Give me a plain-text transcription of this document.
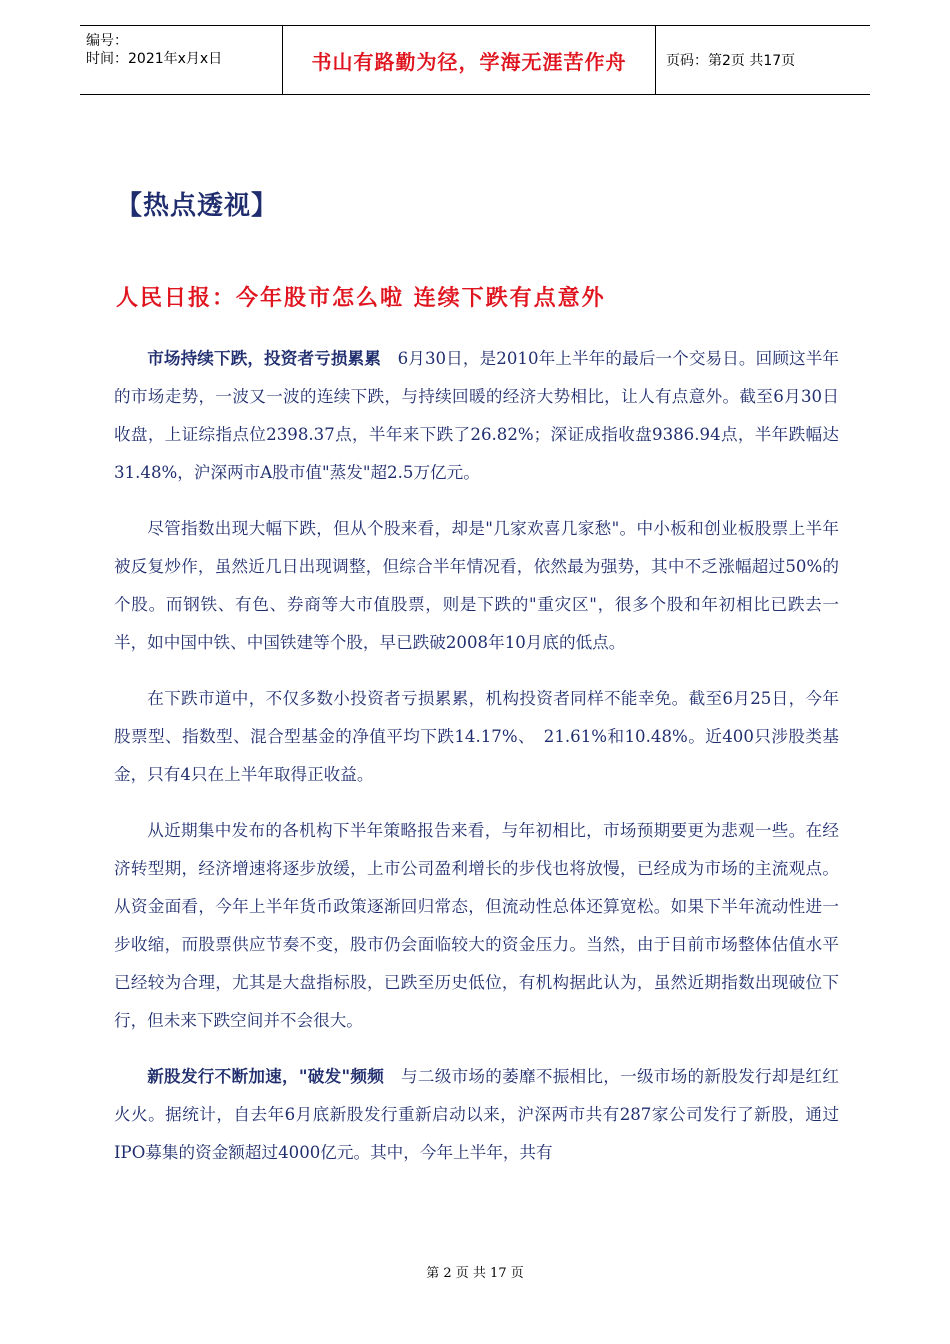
编号：
时间：2021年x月x日	书山有路勤为径，学海无涯苦作舟	页码：第2页 共17页
【热点透视】
人民日报：今年股市怎么啦 连续下跌有点意外

市场持续下跌，投资者亏损累累　6月30日，是2010年上半年的最后一个交易日。回顾这半年的市场走势，一波又一波的连续下跌，与持续回暖的经济大势相比，让人有点意外。截至6月30日收盘，上证综指点位2398.37点，半年来下跌了26.82%；深证成指收盘9386.94点，半年跌幅达31.48%，沪深两市A股市值"蒸发"超2.5万亿元。

尽管指数出现大幅下跌，但从个股来看，却是"几家欢喜几家愁"。中小板和创业板股票上半年被反复炒作，虽然近几日出现调整，但综合半年情况看，依然最为强势，其中不乏涨幅超过50%的个股。而钢铁、有色、券商等大市值股票，则是下跌的"重灾区"，很多个股和年初相比已跌去一半，如中国中铁、中国铁建等个股，早已跌破2008年10月底的低点。

在下跌市道中，不仅多数小投资者亏损累累，机构投资者同样不能幸免。截至6月25日，今年股票型、指数型、混合型基金的净值平均下跌14.17%、　21.61%和10.48%。近400只涉股类基金，只有4只在上半年取得正收益。

从近期集中发布的各机构下半年策略报告来看，与年初相比，市场预期要更为悲观一些。在经济转型期，经济增速将逐步放缓，上市公司盈利增长的步伐也将放慢，已经成为市场的主流观点。从资金面看，今年上半年货币政策逐渐回归常态，但流动性总体还算宽松。如果下半年流动性进一步收缩，而股票供应节奏不变，股市仍会面临较大的资金压力。当然，由于目前市场整体估值水平已经较为合理，尤其是大盘指标股，已跌至历史低位，有机构据此认为，虽然近期指数出现破位下行，但未来下跌空间并不会很大。

新股发行不断加速，"破发"频频　与二级市场的萎靡不振相比，一级市场的新股发行却是红红火火。据统计，自去年6月底新股发行重新启动以来，沪深两市共有287家公司发行了新股，通过IPO募集的资金额超过4000亿元。其中，今年上半年，共有

第 2 页 共 17 页
